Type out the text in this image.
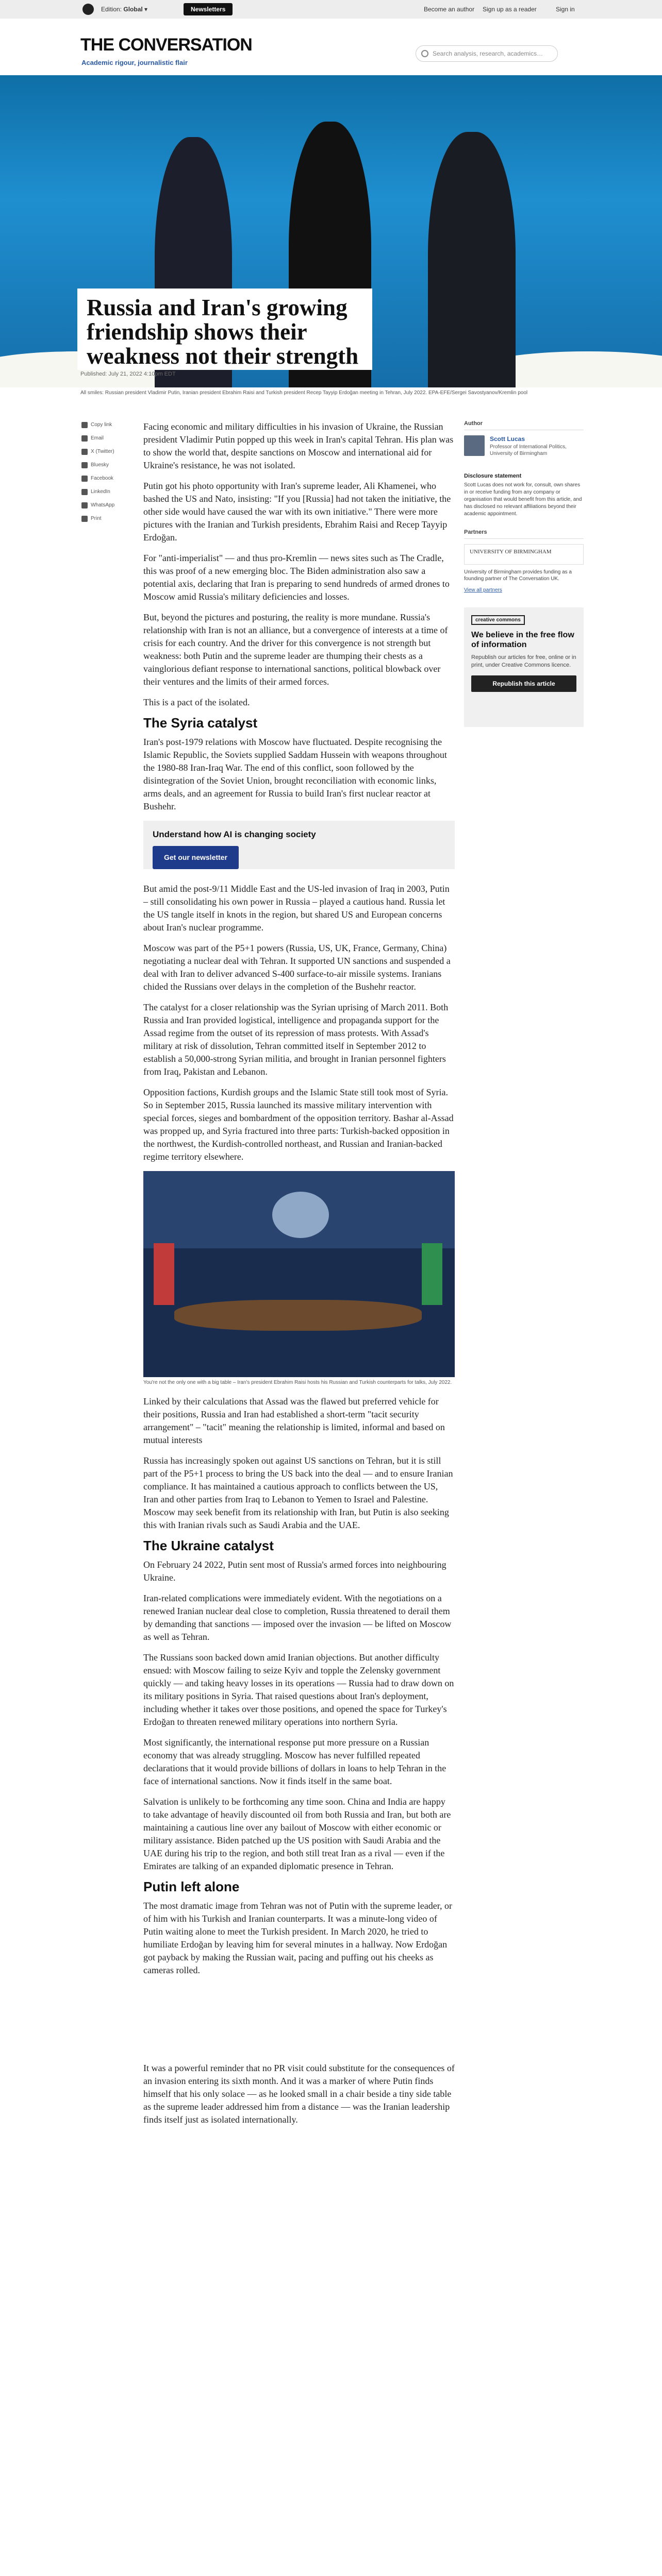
Edition: Global ▾	Newsletters	Become an author Sign up as a reader	Sign in
THE CONVERSATION
Academic rigour, journalistic flair
Search analysis, research, academics…
Russia and Iran's growing friendship shows their weakness not their strength
Published: July 21, 2022 4:10pm EDT
All smiles: Russian president Vladimir Putin, Iranian president Ebrahim Raisi and Turkish president Recep Tayyip Erdoğan meeting in Tehran, July 2022. EPA-EFE/Sergei Savostyanov/Kremlin pool
Copy link
Email
X (Twitter)
Bluesky
Facebook
LinkedIn
WhatsApp
Print

Facing economic and military difficulties in his invasion of Ukraine, the Russian president Vladimir Putin popped up this week in Iran's capital Tehran. His plan was to show the world that, despite sanctions on Moscow and international aid for Ukraine's resistance, he was not isolated.

Putin got his photo opportunity with Iran's supreme leader, Ali Khamenei, who bashed the US and Nato, insisting: "If you [Russia] had not taken the initiative, the other side would have caused the war with its own initiative." There were more pictures with the Iranian and Turkish presidents, Ebrahim Raisi and Recep Tayyip Erdoğan.

For "anti-imperialist" — and thus pro-Kremlin — news sites such as The Cradle, this was proof of a new emerging bloc. The Biden administration also saw a potential axis, declaring that Iran is preparing to send hundreds of armed drones to Moscow amid Russia's military deficiencies and losses.

But, beyond the pictures and posturing, the reality is more mundane. Russia's relationship with Iran is not an alliance, but a convergence of interests at a time of crisis for each country. And the driver for this convergence is not strength but weakness: both Putin and the supreme leader are thumping their chests as a vainglorious defiant response to international sanctions, political blowback over their ventures and the limits of their armed forces.

This is a pact of the isolated.

The Syria catalyst

Iran's post-1979 relations with Moscow have fluctuated. Despite recognising the Islamic Republic, the Soviets supplied Saddam Hussein with weapons throughout the 1980-88 Iran-Iraq War. The end of this conflict, soon followed by the disintegration of the Soviet Union, brought reconciliation with economic links, arms deals, and an agreement for Russia to build Iran's first nuclear reactor at Bushehr.

Understand how AI is changing society
Get our newsletter

But amid the post-9/11 Middle East and the US-led invasion of Iraq in 2003, Putin – still consolidating his own power in Russia – played a cautious hand. Russia let the US tangle itself in knots in the region, but shared US and European concerns about Iran's nuclear programme.

Moscow was part of the P5+1 powers (Russia, US, UK, France, Germany, China) negotiating a nuclear deal with Tehran. It supported UN sanctions and suspended a deal with Iran to deliver advanced S-400 surface-to-air missile systems. Iranians chided the Russians over delays in the completion of the Bushehr reactor.

The catalyst for a closer relationship was the Syrian uprising of March 2011. Both Russia and Iran provided logistical, intelligence and propaganda support for the Assad regime from the outset of its repression of mass protests. With Assad's military at risk of dissolution, Tehran committed itself in September 2012 to establish a 50,000-strong Syrian militia, and brought in Iranian personnel fighters from Iraq, Pakistan and Lebanon.

Opposition factions, Kurdish groups and the Islamic State still took most of Syria. So in September 2015, Russia launched its massive military intervention with special forces, sieges and bombardment of the opposition territory. Bashar al-Assad was propped up, and Syria fractured into three parts: Turkish-backed opposition in the northwest, the Kurdish-controlled northeast, and Russian and Iranian-backed regime territory elsewhere.

You're not the only one with a big table – Iran's president Ebrahim Raisi hosts his Russian and Turkish counterparts for talks, July 2022.

Linked by their calculations that Assad was the flawed but preferred vehicle for their positions, Russia and Iran had established a short-term "tacit security arrangement" – "tacit" meaning the relationship is limited, informal and based on mutual interests

Russia has increasingly spoken out against US sanctions on Tehran, but it is still part of the P5+1 process to bring the US back into the deal — and to ensure Iranian compliance. It has maintained a cautious approach to conflicts between the US, Iran and other parties from Iraq to Lebanon to Yemen to Israel and Palestine. Moscow may seek benefit from its relationship with Iran, but Putin is also seeking this with Iranian rivals such as Saudi Arabia and the UAE.

The Ukraine catalyst

On February 24 2022, Putin sent most of Russia's armed forces into neighbouring Ukraine.

Iran-related complications were immediately evident. With the negotiations on a renewed Iranian nuclear deal close to completion, Russia threatened to derail them by demanding that sanctions — imposed over the invasion — be lifted on Moscow as well as Tehran.

The Russians soon backed down amid Iranian objections. But another difficulty ensued: with Moscow failing to seize Kyiv and topple the Zelensky government quickly — and taking heavy losses in its operations — Russia had to draw down on its military positions in Syria. That raised questions about Iran's deployment, including whether it takes over those positions, and opened the space for Turkey's Erdoğan to threaten renewed military operations into northern Syria.

Most significantly, the international response put more pressure on a Russian economy that was already struggling. Moscow has never fulfilled repeated declarations that it would provide billions of dollars in loans to help Tehran in the face of international sanctions. Now it finds itself in the same boat.

Salvation is unlikely to be forthcoming any time soon. China and India are happy to take advantage of heavily discounted oil from both Russia and Iran, but both are maintaining a cautious line over any bailout of Moscow with either economic or military assistance. Biden patched up the US position with Saudi Arabia and the UAE during his trip to the region, and both still treat Iran as a rival — even if the Emirates are talking of an expanded diplomatic presence in Tehran.

Putin left alone

The most dramatic image from Tehran was not of Putin with the supreme leader, or of him with his Turkish and Iranian counterparts. It was a minute-long video of Putin waiting alone to meet the Turkish president. In March 2020, he tried to humiliate Erdoğan by leaving him for several minutes in a hallway. Now Erdoğan got payback by making the Russian wait, pacing and puffing out his cheeks as cameras rolled.

It was a powerful reminder that no PR visit could substitute for the consequences of an invasion entering its sixth month. And it was a marker of where Putin finds himself that his only solace — as he looked small in a chair beside a tiny side table as the supreme leader addressed him from a distance — was the Iranian leadership finds itself just as isolated internationally.

Author
Scott Lucas
Professor of International Politics, University of Birmingham
Disclosure statement
Scott Lucas does not work for, consult, own shares in or receive funding from any company or organisation that would benefit from this article, and has disclosed no relevant affiliations beyond their academic appointment.
Partners
UNIVERSITY OF BIRMINGHAM
University of Birmingham provides funding as a founding partner of The Conversation UK.
View all partners
creative commons
We believe in the free flow of information
Republish our articles for free, online or in print, under Creative Commons licence.
Republish this article
